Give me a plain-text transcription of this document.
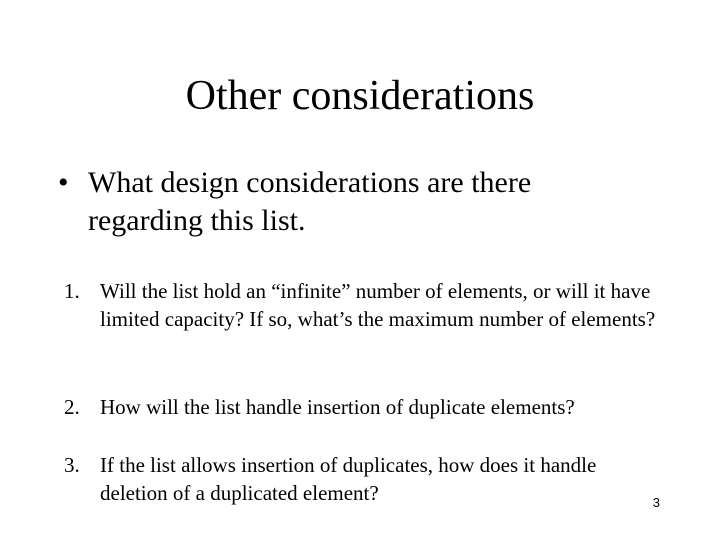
Other considerations
• What design considerations are there regarding this list.
1. Will the list hold an “infinite” number of elements, or will it have limited capacity? If so, what’s the maximum number of elements?
2. How will the list handle insertion of duplicate elements?
3. If the list allows insertion of duplicates, how does it handle deletion of a duplicated element?	3
